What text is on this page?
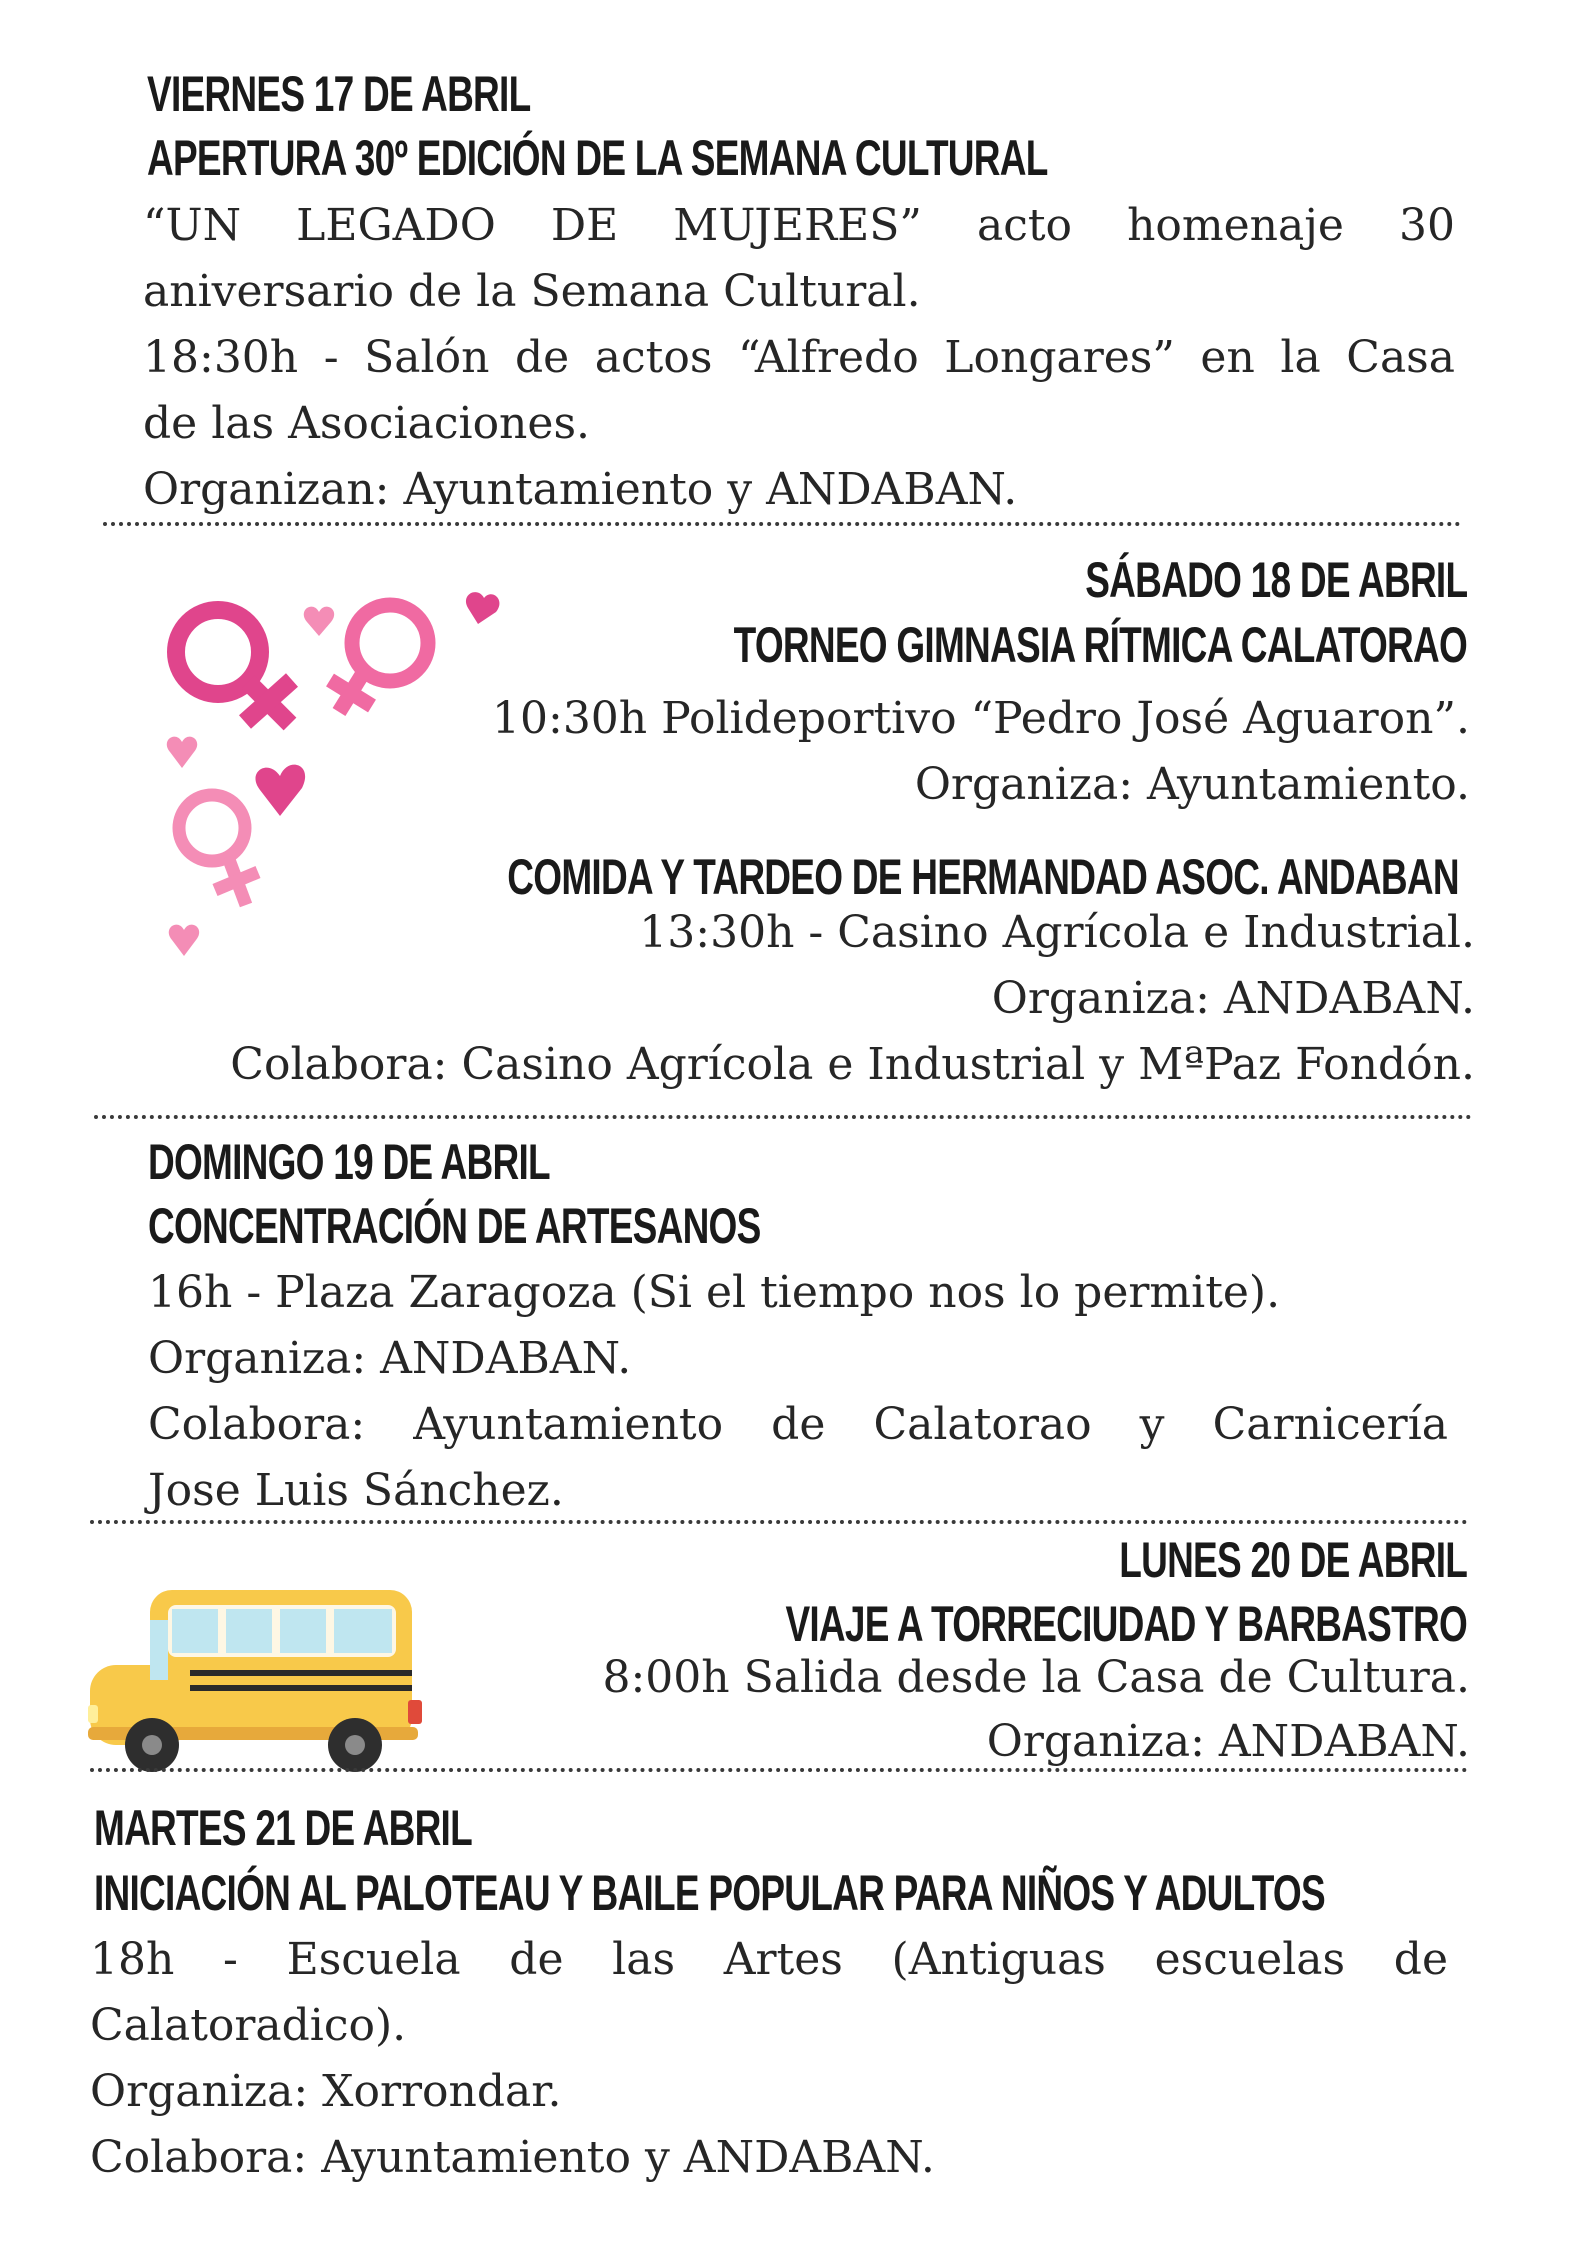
VIERNES 17 DE ABRIL
APERTURA 30º EDICIÓN DE LA SEMANA CULTURAL

“UN LEGADO DE MUJERES” acto homenaje 30

aniversario de la Semana Cultural.

18:30h - Salón de actos “Alfredo Longares” en la Casa

de las Asociaciones.

Organizan: Ayuntamiento y ANDABAN.

SÁBADO 18 DE ABRIL
TORNEO GIMNASIA RÍTMICA CALATORAO

10:30h Polideportivo “Pedro José Aguaron”.

Organiza: Ayuntamiento.

COMIDA Y TARDEO DE HERMANDAD ASOC. ANDABAN

13:30h - Casino Agrícola e Industrial.

Organiza: ANDABAN.

Colabora: Casino Agrícola e Industrial y MªPaz Fondón.

DOMINGO 19 DE ABRIL
CONCENTRACIÓN DE ARTESANOS

16h - Plaza Zaragoza (Si el tiempo nos lo permite).

Organiza: ANDABAN.

Colabora: Ayuntamiento de Calatorao y Carnicería

Jose Luis Sánchez.

LUNES 20 DE ABRIL
VIAJE A TORRECIUDAD Y BARBASTRO

8:00h Salida desde la Casa de Cultura.

Organiza: ANDABAN.

MARTES 21 DE ABRIL
INICIACIÓN AL PALOTEAU Y BAILE POPULAR PARA NIÑOS Y ADULTOS

18h - Escuela de las Artes (Antiguas escuelas de

Calatoradico).

Organiza: Xorrondar.

Colabora: Ayuntamiento y ANDABAN.
